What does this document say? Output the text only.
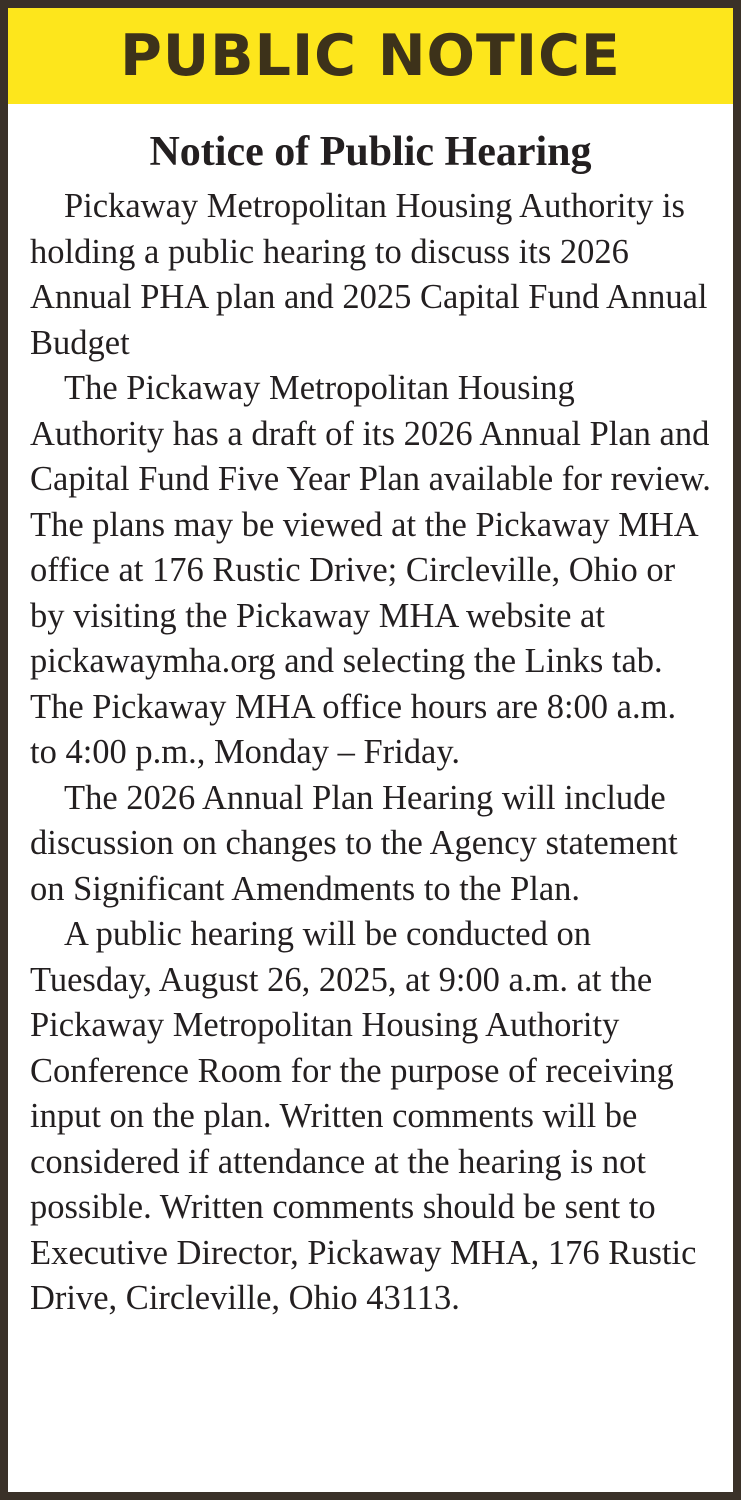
PUBLIC NOTICE
Notice of Public Hearing

Pickaway Metropolitan Housing Authority is holding a public hearing to discuss its 2026 Annual PHA plan and 2025 Capital Fund Annual Budget

The Pickaway Metropolitan Housing Authority has a draft of its 2026 Annual Plan and Capital Fund Five Year Plan available for review. The plans may be viewed at the Pickaway MHA office at 176 Rustic Drive; Circleville, Ohio or by visiting the Pickaway MHA website at pickawaymha.org and selecting the Links tab. The Pickaway MHA office hours are 8:00 a.m. to 4:00 p.m., Monday – Friday.

The 2026 Annual Plan Hearing will include discussion on changes to the Agency statement on Significant Amendments to the Plan.

A public hearing will be conducted on Tuesday, August 26, 2025, at 9:00 a.m. at the Pickaway Metropolitan Housing Authority Conference Room for the purpose of receiving input on the plan. Written comments will be considered if attendance at the hearing is not possible. Written comments should be sent to Executive Director, Pickaway MHA, 176 Rustic Drive, Circleville, Ohio 43113.
